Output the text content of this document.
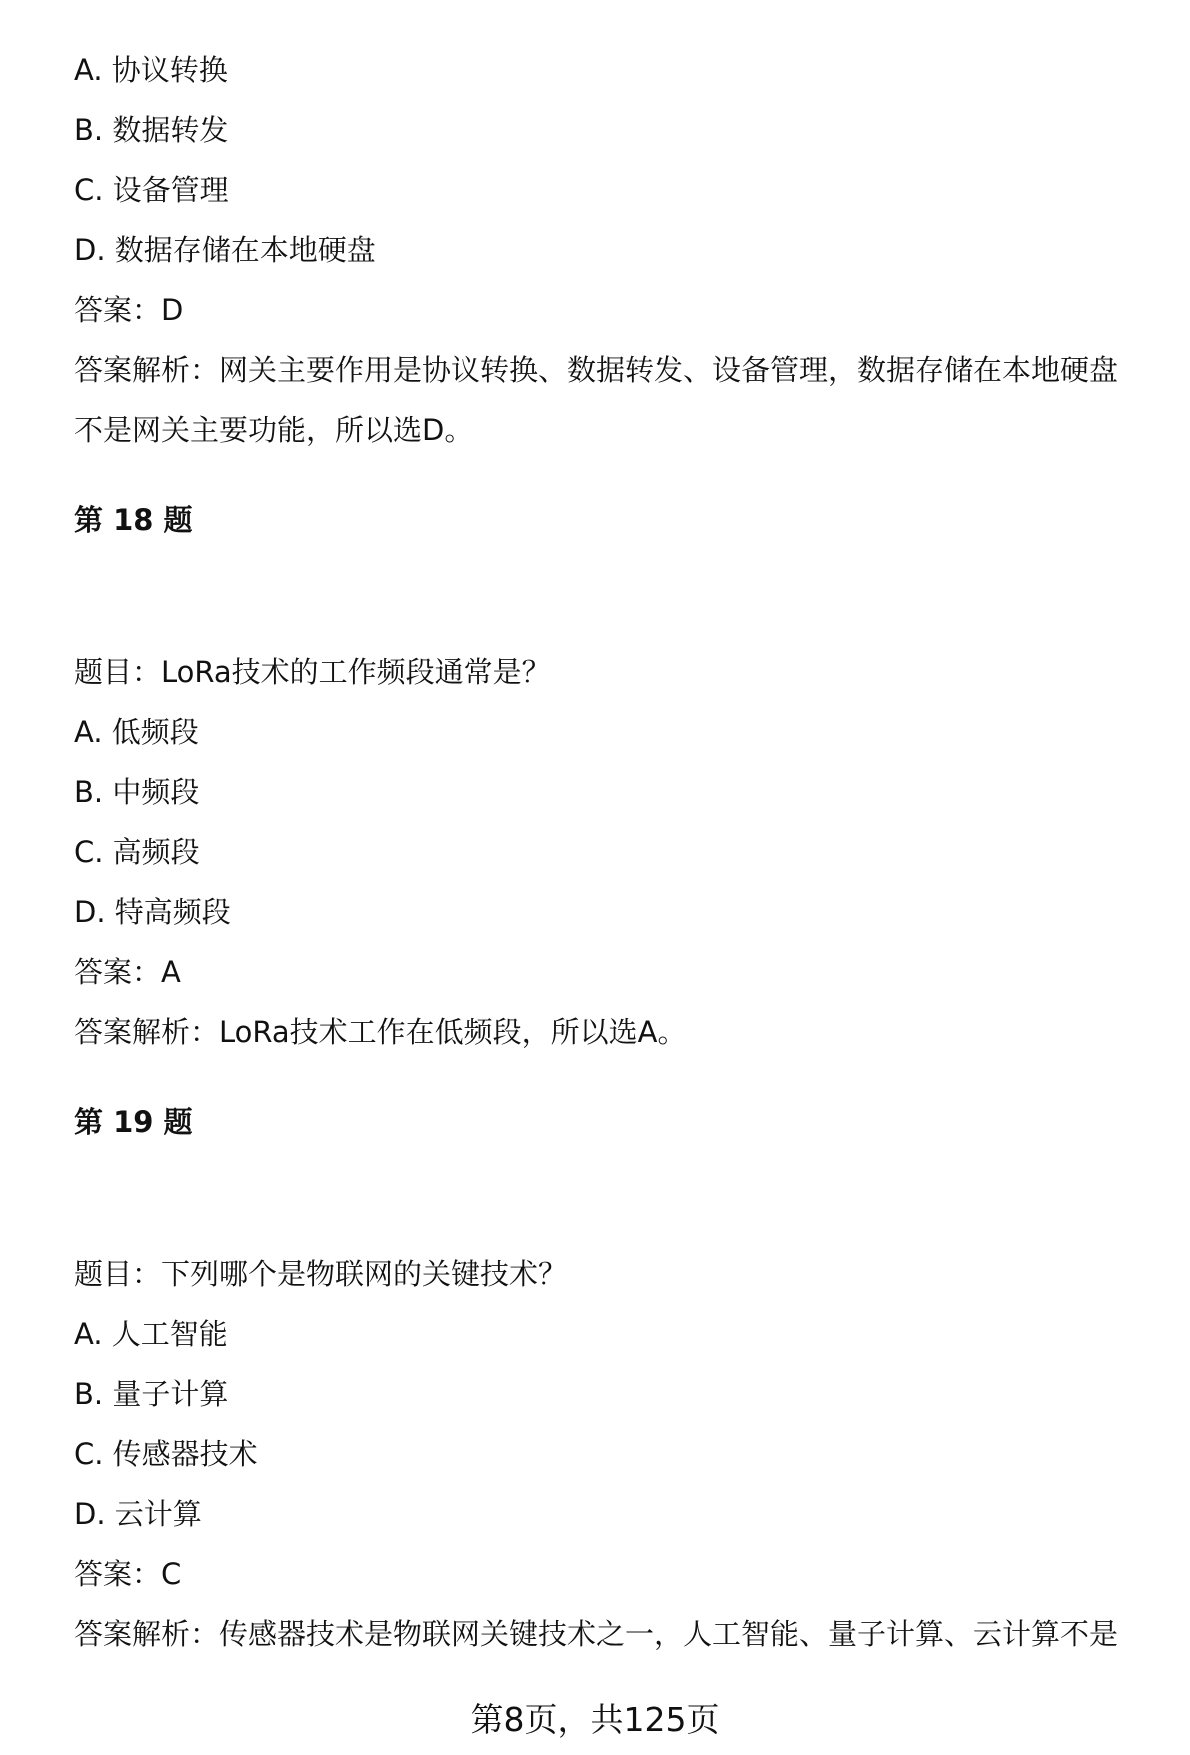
A. 协议转换
B. 数据转发
C. 设备管理
D. 数据存储在本地硬盘
答案：D
答案解析：网关主要作用是协议转换、数据转发、设备管理，数据存储在本地硬盘
不是网关主要功能，所以选D。
第 18 题
题目：LoRa技术的工作频段通常是？
A. 低频段
B. 中频段
C. 高频段
D. 特高频段
答案：A
答案解析：LoRa技术工作在低频段，所以选A。
第 19 题
题目：下列哪个是物联网的关键技术？
A. 人工智能
B. 量子计算
C. 传感器技术
D. 云计算
答案：C
答案解析：传感器技术是物联网关键技术之一，人工智能、量子计算、云计算不是
第8页，共125页
